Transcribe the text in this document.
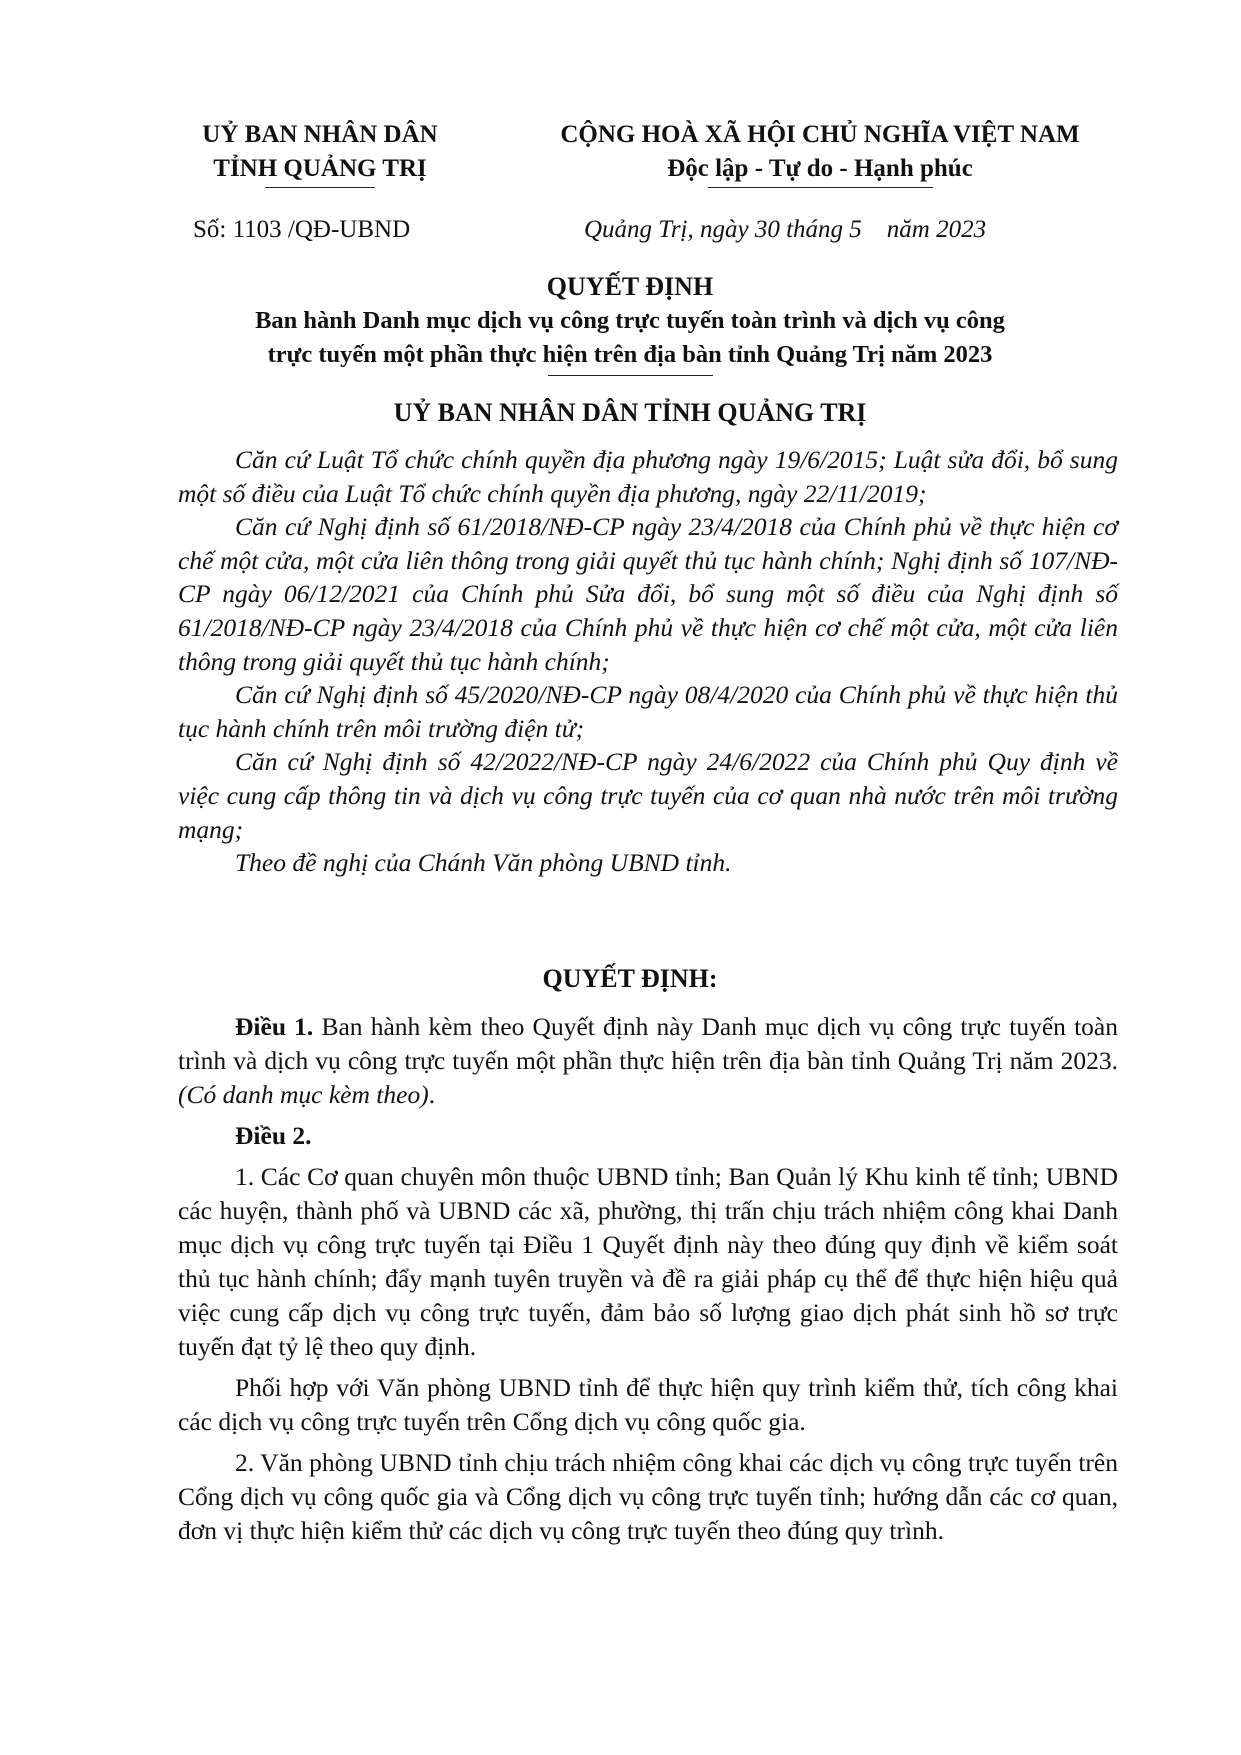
UỶ BAN NHÂN DÂN
TỈNH QUẢNG TRỊ
CỘNG HOÀ XÃ HỘI CHỦ NGHĨA VIỆT NAM
Độc lập - Tự do - Hạnh phúc
Số: 1103 /QĐ-UBND	Quảng Trị, ngày 30 tháng 5    năm 2023
QUYẾT ĐỊNH
Ban hành Danh mục dịch vụ công trực tuyến toàn trình và dịch vụ công
trực tuyến một phần thực hiện trên địa bàn tỉnh Quảng Trị năm 2023
UỶ BAN NHÂN DÂN TỈNH QUẢNG TRỊ

Căn cứ Luật Tổ chức chính quyền địa phương ngày 19/6/2015; Luật sửa đổi, bổ sung một số điều của Luật Tổ chức chính quyền địa phương, ngày 22/11/2019;

Căn cứ Nghị định số 61/2018/NĐ-CP ngày 23/4/2018 của Chính phủ về thực hiện cơ chế một cửa, một cửa liên thông trong giải quyết thủ tục hành chính; Nghị định số 107/NĐ-CP ngày 06/12/2021 của Chính phủ Sửa đổi, bổ sung một số điều của Nghị định số 61/2018/NĐ-CP ngày 23/4/2018 của Chính phủ về thực hiện cơ chế một cửa, một cửa liên thông trong giải quyết thủ tục hành chính;

Căn cứ Nghị định số 45/2020/NĐ-CP ngày 08/4/2020 của Chính phủ về thực hiện thủ tục hành chính trên môi trường điện tử;

Căn cứ Nghị định số 42/2022/NĐ-CP ngày 24/6/2022 của Chính phủ Quy định về việc cung cấp thông tin và dịch vụ công trực tuyến của cơ quan nhà nước trên môi trường mạng;

Theo đề nghị của Chánh Văn phòng UBND tỉnh.

QUYẾT ĐỊNH:

Điều 1. Ban hành kèm theo Quyết định này Danh mục dịch vụ công trực tuyến toàn trình và dịch vụ công trực tuyến một phần thực hiện trên địa bàn tỉnh Quảng Trị năm 2023. (Có danh mục kèm theo).

Điều 2.

1. Các Cơ quan chuyên môn thuộc UBND tỉnh; Ban Quản lý Khu kinh tế tỉnh; UBND các huyện, thành phố và UBND các xã, phường, thị trấn chịu trách nhiệm công khai Danh mục dịch vụ công trực tuyến tại Điều 1 Quyết định này theo đúng quy định về kiểm soát thủ tục hành chính; đẩy mạnh tuyên truyền và đề ra giải pháp cụ thể để thực hiện hiệu quả việc cung cấp dịch vụ công trực tuyến, đảm bảo số lượng giao dịch phát sinh hồ sơ trực tuyến đạt tỷ lệ theo quy định.

Phối hợp với Văn phòng UBND tỉnh để thực hiện quy trình kiểm thử, tích công khai các dịch vụ công trực tuyến trên Cổng dịch vụ công quốc gia.

2. Văn phòng UBND tỉnh chịu trách nhiệm công khai các dịch vụ công trực tuyến trên Cổng dịch vụ công quốc gia và Cổng dịch vụ công trực tuyến tỉnh; hướng dẫn các cơ quan, đơn vị thực hiện kiểm thử các dịch vụ công trực tuyến theo đúng quy trình.
